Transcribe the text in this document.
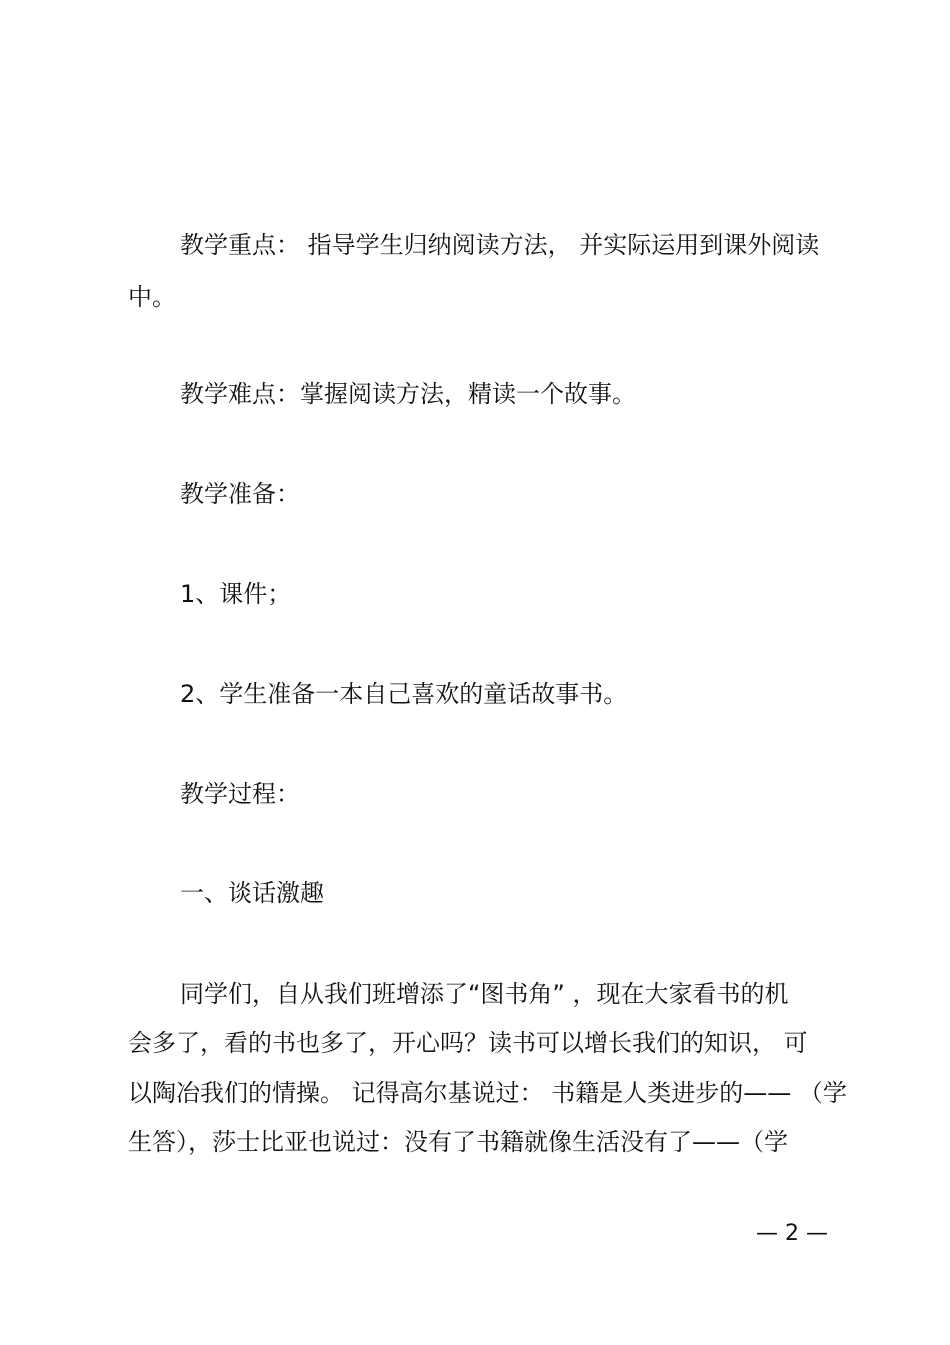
教学重点： 指导学生归纳阅读方法， 并实际运用到课外阅读
中。
教学难点：掌握阅读方法，精读一个故事。
教学准备：
1、课件；
2、学生准备一本自己喜欢的童话故事书。
教学过程：
一、谈话激趣
同学们，自从我们班增添了“图书角” ，现在大家看书的机
会多了，看的书也多了，开心吗？读书可以增长我们的知识， 可
以陶冶我们的情操。 记得高尔基说过： 书籍是人类进步的—— （学
生答），莎士比亚也说过：没有了书籍就像生活没有了——（学
— 2 —
